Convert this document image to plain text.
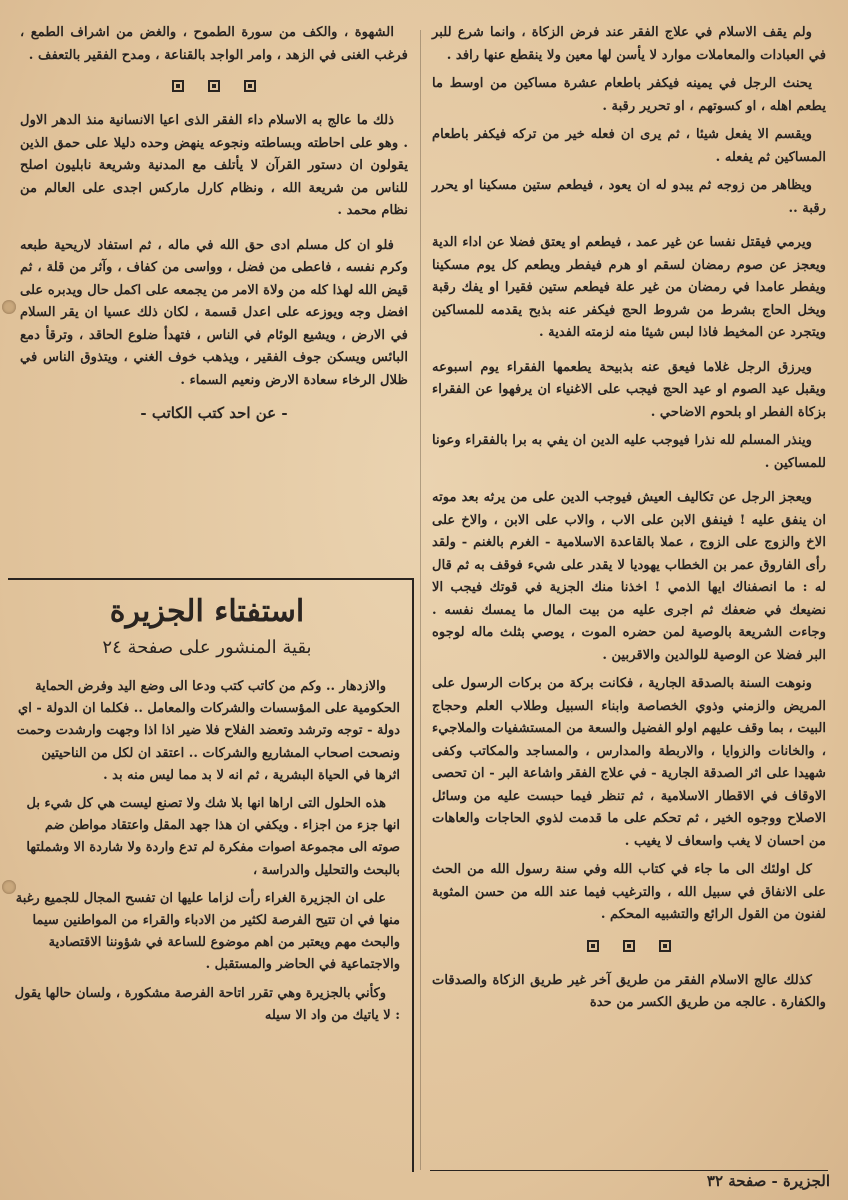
ولم يقف الاسلام في علاج الفقر عند فرض الزكاة ، وانما شرع للبر في العبادات والمعاملات موارد لا يأسن لها معين ولا ينقطع عنها رافد .

يحنث الرجل في يمينه فيكفر باطعام عشرة مساكين من اوسط ما يطعم اهله ، او كسوتهم ، او تحرير رقبة .

ويقسم الا يفعل شيئا ، ثم يرى ان فعله خير من تركه فيكفر باطعام المساكين ثم يفعله .

ويظاهر من زوجه ثم يبدو له ان يعود ، فيطعم ستين مسكينا او يحرر رقبة ..

ويرمي فيقتل نفسا عن غير عمد ، فيطعم او يعتق فضلا عن اداء الدية ويعجز عن صوم رمضان لسقم او هرم فيفطر ويطعم كل يوم مسكينا ويفطر عامدا في رمضان من غير علة فيطعم ستين فقيرا او يفك رقبة ويخل الحاج بشرط من شروط الحج فيكفر عنه بذبح يقدمه للمساكين ويتجرد عن المخيط فاذا لبس شيئا منه لزمته الفدية .

ويرزق الرجل غلاما فيعق عنه بذبيحة يطعمها الفقراء يوم اسبوعه ويقبل عيد الصوم او عيد الحج فيجب على الاغنياء ان يرفهوا عن الفقراء بزكاة الفطر او بلحوم الاضاحي .

وينذر المسلم لله نذرا فيوجب عليه الدين ان يفي به برا بالفقراء وعونا للمساكين .

ويعجز الرجل عن تكاليف العيش فيوجب الدين على من يرثه بعد موته ان ينفق عليه ! فينفق الابن على الاب ، والاب على الابن ، والاخ على الاخ والزوج على الزوج ، عملا بالقاعدة الاسلامية - الغرم بالغنم - ولقد رأى الفاروق عمر بن الخطاب يهوديا لا يقدر على شيء فوقف به ثم قال له : ما انصفناك ايها الذمي ! اخذنا منك الجزية في قوتك فيجب الا نضيعك في ضعفك ثم اجرى عليه من بيت المال ما يمسك نفسه . وجاءت الشريعة بالوصية لمن حضره الموت ، يوصي بثلث ماله لوجوه البر فضلا عن الوصية للوالدين والاقربين .

ونوهت السنة بالصدقة الجارية ، فكانت بركة من بركات الرسول على المريض والزمني وذوي الخصاصة وابناء السبيل وطلاب العلم وحجاج البيت ، بما وقف عليهم اولو الفضيل والسعة من المستشفيات والملاجيء ، والخانات والزوايا ، والاربطة والمدارس ، والمساجد والمكاتب وكفى شهيدا على اثر الصدقة الجارية - في علاج الفقر واشاعة البر - ان تحصى الاوقاف في الاقطار الاسلامية ، ثم تنظر فيما حبست عليه من وسائل الاصلاح ووجوه الخير ، ثم تحكم على ما قدمت لذوي الحاجات والعاهات من احسان لا يغب واسعاف لا يغيب .

كل اولئك الى ما جاء في كتاب الله وفي سنة رسول الله من الحث على الانفاق في سبيل الله ، والترغيب فيما عند الله من حسن المثوبة لفنون من القول الرائع والتشبيه المحكم .

كذلك عالج الاسلام الفقر من طريق آخر غير طريق الزكاة والصدقات والكفارة . عالجه من طريق الكسر من حدة

الشهوة ، والكف من سورة الطموح ، والغض من اشراف الطمع ، فرغب الغنى في الزهد ، وامر الواجد بالقناعة ، ومدح الفقير بالتعفف .

ذلك ما عالج به الاسلام داء الفقر الذى اعيا الانسانية منذ الدهر الاول . وهو على احاطته وبساطته ونجوعه ينهض وحده دليلا على حمق الذين يقولون ان دستور القرآن لا يأتلف مع المدنية وشريعة نابليون اصلح للناس من شريعة الله ، ونظام كارل ماركس اجدى على العالم من نظام محمد .

فلو ان كل مسلم ادى حق الله في ماله ، ثم استفاد لاريحية طبعه وكرم نفسه ، فاعطى من فضل ، وواسى من كفاف ، وآثر من قلة ، ثم قيض الله لهذا كله من ولاة الامر من يجمعه على اكمل حال ويدبره على افضل وجه ويوزعه على اعدل قسمة ، لكان ذلك عسيا ان يقر السلام في الارض ، ويشيع الوئام في الناس ، فتهدأ ضلوع الحاقد ، وترقأ دمع البائس ويسكن جوف الفقير ، ويذهب خوف الغني ، ويتذوق الناس في ظلال الرخاء سعادة الارض ونعيم السماء .

- عن احد كتب الكاتب -
استفتاء الجزيرة
بقية المنشور على صفحة ٢٤

والازدهار .. وكم من كاتب كتب ودعا الى وضع اليد وفرض الحماية الحكومية على المؤسسات والشركات والمعامل .. فكلما ان الدولة - اي دولة - توجه وترشد وتعضد الفلاح فلا ضير اذا اذا وجهت وارشدت وحمت ونصحت اصحاب المشاريع والشركات .. اعتقد ان لكل من الناحيتين اثرها في الحياة البشرية ، ثم انه لا بد مما ليس منه بد .

هذه الحلول التى اراها انها بلا شك ولا تصنع ليست هي كل شيء بل انها جزء من اجزاء . ويكفي ان هذا جهد المقل واعتقاد مواطن ضم صوته الى مجموعة اصوات مفكرة لم تدع واردة ولا شاردة الا وشملتها بالبحث والتحليل والدراسة ،

على ان الجزيرة الغراء رأت لزاما عليها ان تفسح المجال للجميع رغبة منها في ان تتيح الفرصة لكثير من الادباء والقراء من المواطنين سيما والبحث مهم ويعتبر من اهم موضوع للساعة في شؤوننا الاقتصادية والاجتماعية في الحاضر والمستقبل .

وكأني بالجزيرة وهي تقرر اتاحة الفرصة مشكورة ، ولسان حالها يقول : لا ياتيك من واد الا سيله

الجزيرة - صفحة ٣٢
